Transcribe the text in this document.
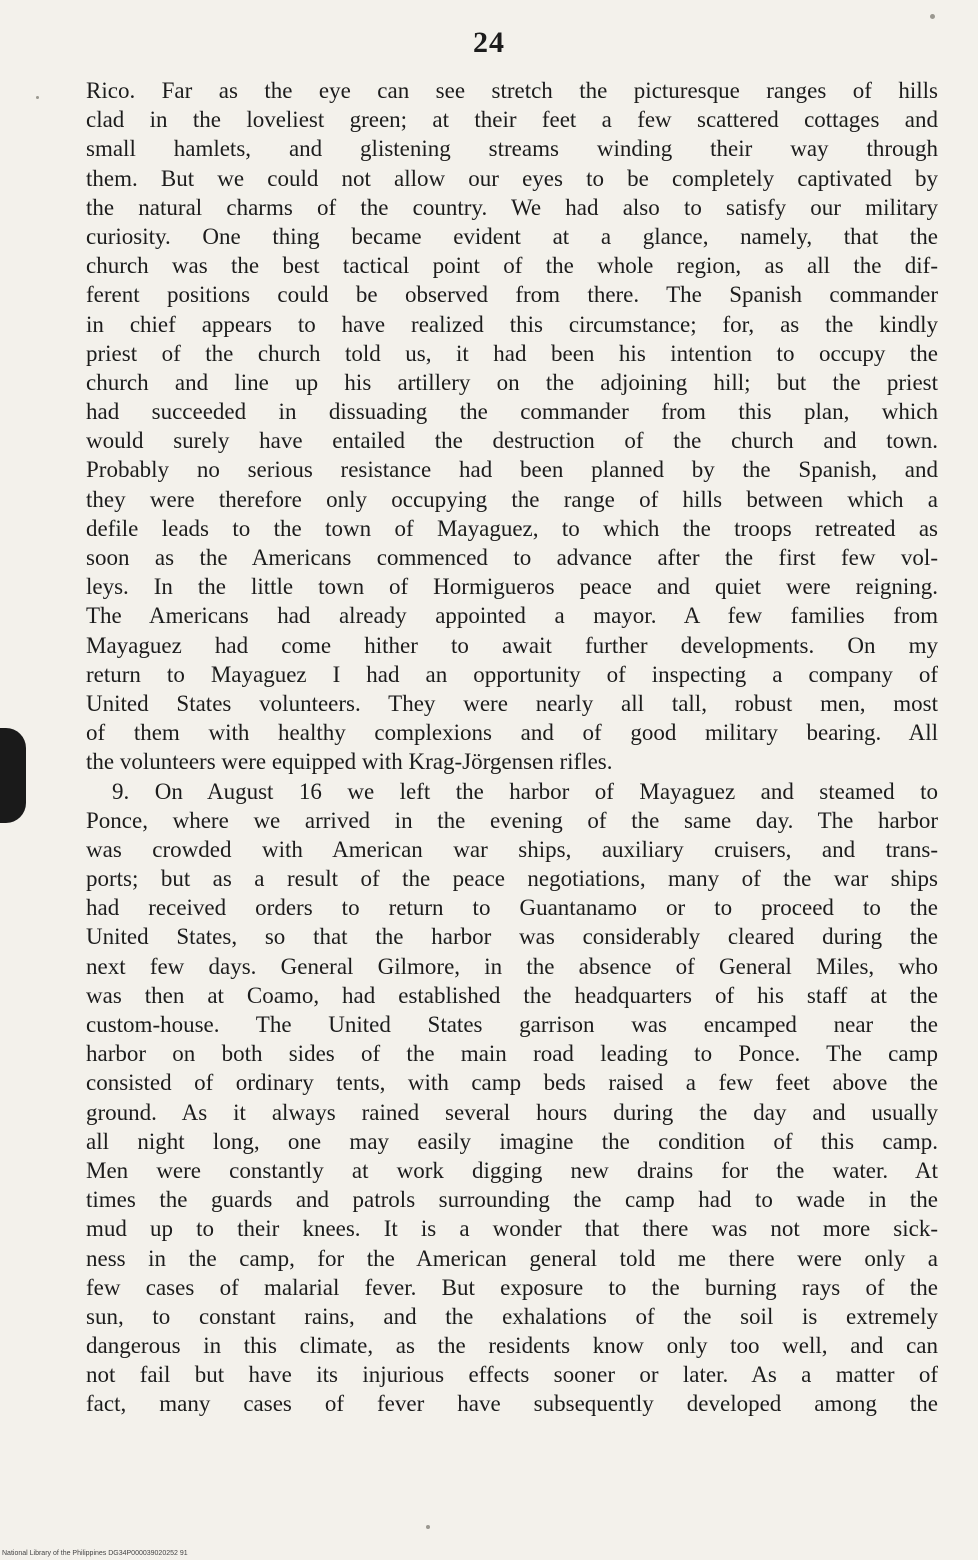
24
Rico. Far as the eye can see stretch the picturesque ranges of hills
clad in the loveliest green; at their feet a few scattered cottages and
small hamlets, and glistening streams winding their way through
them. But we could not allow our eyes to be completely captivated by
the natural charms of the country. We had also to satisfy our military
curiosity. One thing became evident at a glance, namely, that the
church was the best tactical point of the whole region, as all the dif-
ferent positions could be observed from there. The Spanish commander
in chief appears to have realized this circumstance; for, as the kindly
priest of the church told us, it had been his intention to occupy the
church and line up his artillery on the adjoining hill; but the priest
had succeeded in dissuading the commander from this plan, which
would surely have entailed the destruction of the church and town.
Probably no serious resistance had been planned by the Spanish, and
they were therefore only occupying the range of hills between which a
defile leads to the town of Mayaguez, to which the troops retreated as
soon as the Americans commenced to advance after the first few vol-
leys. In the little town of Hormigueros peace and quiet were reigning.
The Americans had already appointed a mayor. A few families from
Mayaguez had come hither to await further developments. On my
return to Mayaguez I had an opportunity of inspecting a company of
United States volunteers. They were nearly all tall, robust men, most
of them with healthy complexions and of good military bearing. All
the volunteers were equipped with Krag-Jörgensen rifles.
9. On August 16 we left the harbor of Mayaguez and steamed to
Ponce, where we arrived in the evening of the same day. The harbor
was crowded with American war ships, auxiliary cruisers, and trans-
ports; but as a result of the peace negotiations, many of the war ships
had received orders to return to Guantanamo or to proceed to the
United States, so that the harbor was considerably cleared during the
next few days. General Gilmore, in the absence of General Miles, who
was then at Coamo, had established the headquarters of his staff at the
custom-house. The United States garrison was encamped near the
harbor on both sides of the main road leading to Ponce. The camp
consisted of ordinary tents, with camp beds raised a few feet above the
ground. As it always rained several hours during the day and usually
all night long, one may easily imagine the condition of this camp.
Men were constantly at work digging new drains for the water. At
times the guards and patrols surrounding the camp had to wade in the
mud up to their knees. It is a wonder that there was not more sick-
ness in the camp, for the American general told me there were only a
few cases of malarial fever. But exposure to the burning rays of the
sun, to constant rains, and the exhalations of the soil is extremely
dangerous in this climate, as the residents know only too well, and can
not fail but have its injurious effects sooner or later. As a matter of
fact, many cases of fever have subsequently developed among the
National Library of the Philippines DG34P000039020252 91
